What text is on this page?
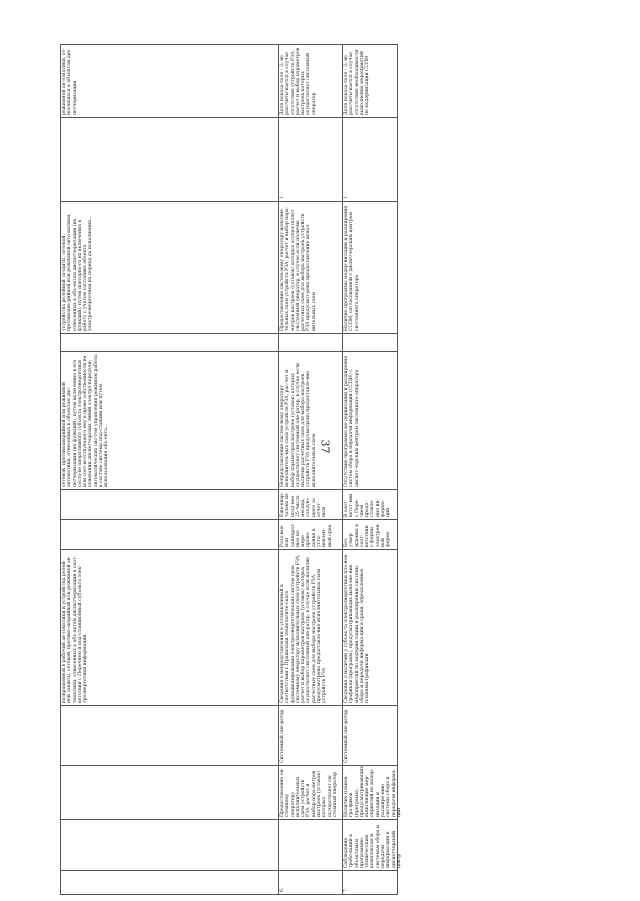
37
возвращенной в рабочий ав-томатики и устройства релей-ной защиты, сетевой, противо-аварийной или режимной ав-томатики, отнесенных к объ-ектам диспетчеризации в соот-ветствии с Перечнем и под-станционный субъекта элек-троэнергетики информации
сетевой, противоаварийной или режимной автоматики, отнесенных к объектам дис-петчеризации (их функций), путем включения в его соста-ве оперативного субъекта электроэнергетики или соот-ветствующего ему в праве собственности на основании диспетчерских линий электро-передачи, автоматических сис-тем управления режимом работы в составе системы под-станции или путем использования объ-екта...
устройства релейной за-щиты, сетевой, противоава-рийной или режимной авто-матики, отнесенных к объ-ектам диспетчеризации (их функций), путем повторно-го их включения в работу с учетом состояния объекта электроэнергетики на период до исполнения...
режимной ав-томатики, от-носящихся к объектам дис-петчеризации
6.
Предоставление си-стемному оператору исполнительных схем устройств РЗА, расчет и выбор пара-метров настроек (уставок) которых осуществляет си-стемный оператор
Системный опе-ратор
Сведения о непредставлении в установленный в соответствии с Правилами технологиче-ского функционирования электроэнергетических систем срок системному оператору исполнительных схем устройств РЗА, расчет и выбор параметров настроек (уставок) которых осуществляет системный опе-ратор, в случае если наличие расчетных схем для выбора настроек устройств РЗА предусмотрено предоставле-ние исполнительных схем устройств РЗА
Разо-вые или однократ-ные по мере прове-дения в уста-новлен-ный срок
Еже-квар-тально не позд-нее 25 числа месяца, следую-щего за отчет-ным
Непредставление систем-ному оператору исполнитель-ных схем устройств РЗА, рас-чет и выбор параметров настроек (уставок) которых осуществляет системный опе-ратор, в случае если наличие расчетных схем для выбора настроек устройств РЗА предусмотрено предоставле-ние исполнительных схем
Предоставление систем-ному оператору исполни-тельных схем устройств РЗА, расчет и выбор пара-метров настроек (уставок) которых осуществляет си-стемный оператор, в случае если наличие расчетных схем для выбора настроек устройств РЗА предусмот-рено предоставление испол-нительных схем
1
Доля показа-теля – 2; не рассчиты-вается в случае отсутствия устройств РЗА, расчет и выбор параметров настроек которых осуществляет системный оператор
7.
Соблюдение требо-ваний к объектовым программно-техниче-ским комплексам и системам сбора и передачи информа-ции в диспетчерский центр
Наличие планов-гра-фиков (программ), предусматривающих выполнение мер-оприятий по модер-низации и расшире-нию системы сбора и передачи информа-ции
Системный опе-ратор
Сведения о наличии у субъек-та электроэнергетики пла-нов-графиков (программ), предусматривающих выполне-ние мероприятий по модерни-зации и расширению системы сбора и передачи информа-ции в сроки, определенные планами-графиками
Без утвер-ждения в соот-ветствии с формы электрон-ной форме
В соот-ветст-вии с Пере-чнем предо-ставле-ния ин-форма-ции
Отсутствие программы мо-дернизации и расширения систем сбора и передачи информации (ССПИ) с диспет-черским центром системного оператора
Наличие программы модер-низации и расширения ССПИ, согласованной с диспетчерским центром си-стемного оператора
1
Доля показа-теля – 2; не рассчиты-вается в случае отсутствия необходимости выполнения мероприятий по модернизации ССПИ
